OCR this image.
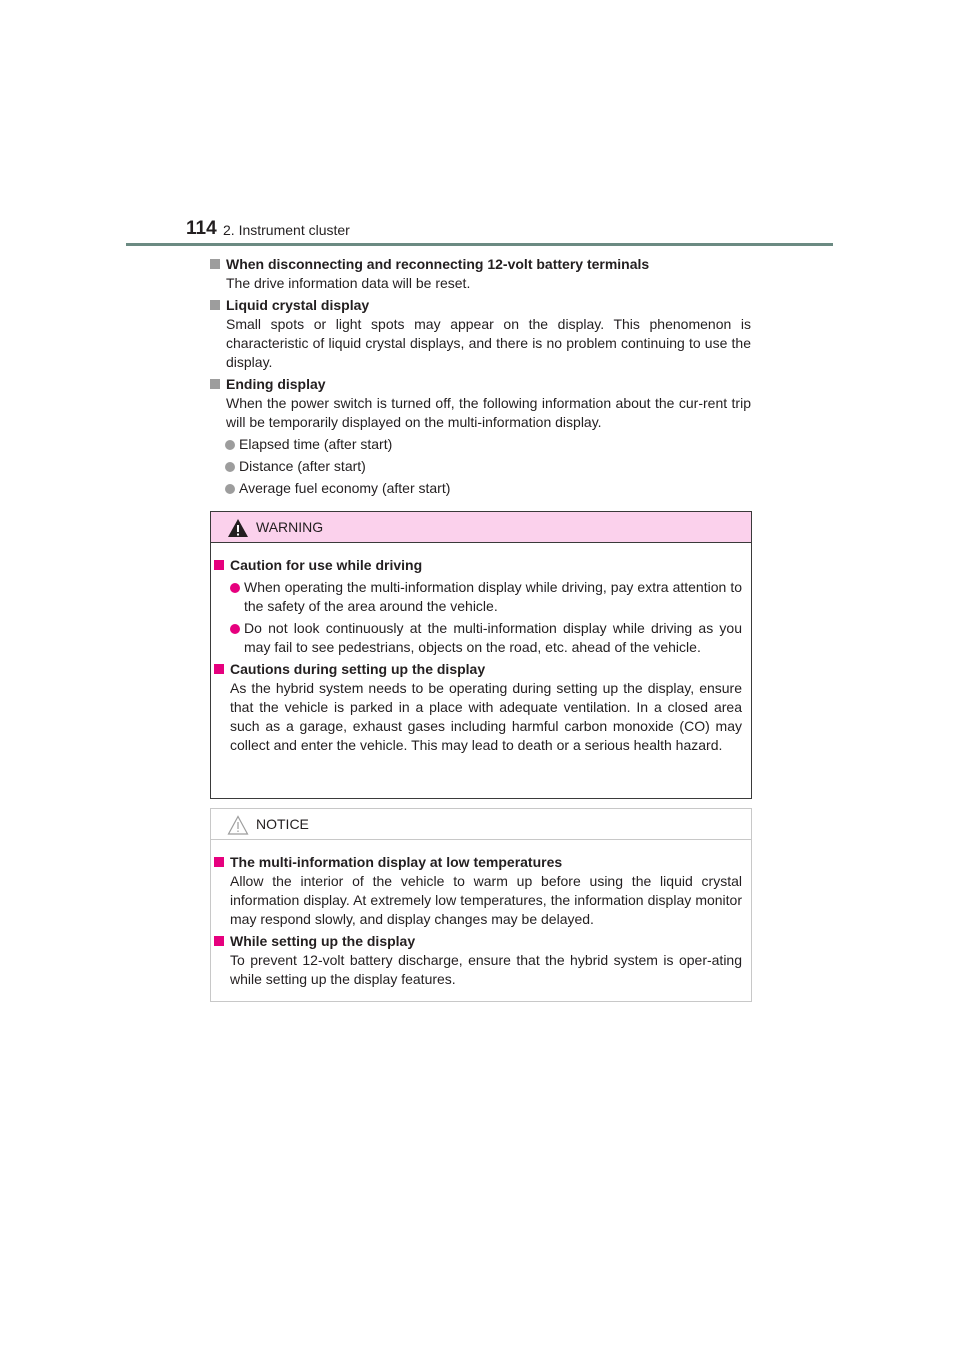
114 2. Instrument cluster
When disconnecting and reconnecting 12-volt battery terminals
The drive information data will be reset.
Liquid crystal display
Small spots or light spots may appear on the display. This phenomenon is characteristic of liquid crystal displays, and there is no problem continuing to use the display.
Ending display
When the power switch is turned off, the following information about the cur-rent trip will be temporarily displayed on the multi-information display.
Elapsed time (after start)
Distance (after start)
Average fuel economy (after start)
WARNING
Caution for use while driving
When operating the multi-information display while driving, pay extra attention to the safety of the area around the vehicle.
Do not look continuously at the multi-information display while driving as you may fail to see pedestrians, objects on the road, etc. ahead of the vehicle.
Cautions during setting up the display
As the hybrid system needs to be operating during setting up the display, ensure that the vehicle is parked in a place with adequate ventilation. In a closed area such as a garage, exhaust gases including harmful carbon monoxide (CO) may collect and enter the vehicle. This may lead to death or a serious health hazard.
NOTICE
The multi-information display at low temperatures
Allow the interior of the vehicle to warm up before using the liquid crystal information display. At extremely low temperatures, the information display monitor may respond slowly, and display changes may be delayed.
While setting up the display
To prevent 12-volt battery discharge, ensure that the hybrid system is oper-ating while setting up the display features.
